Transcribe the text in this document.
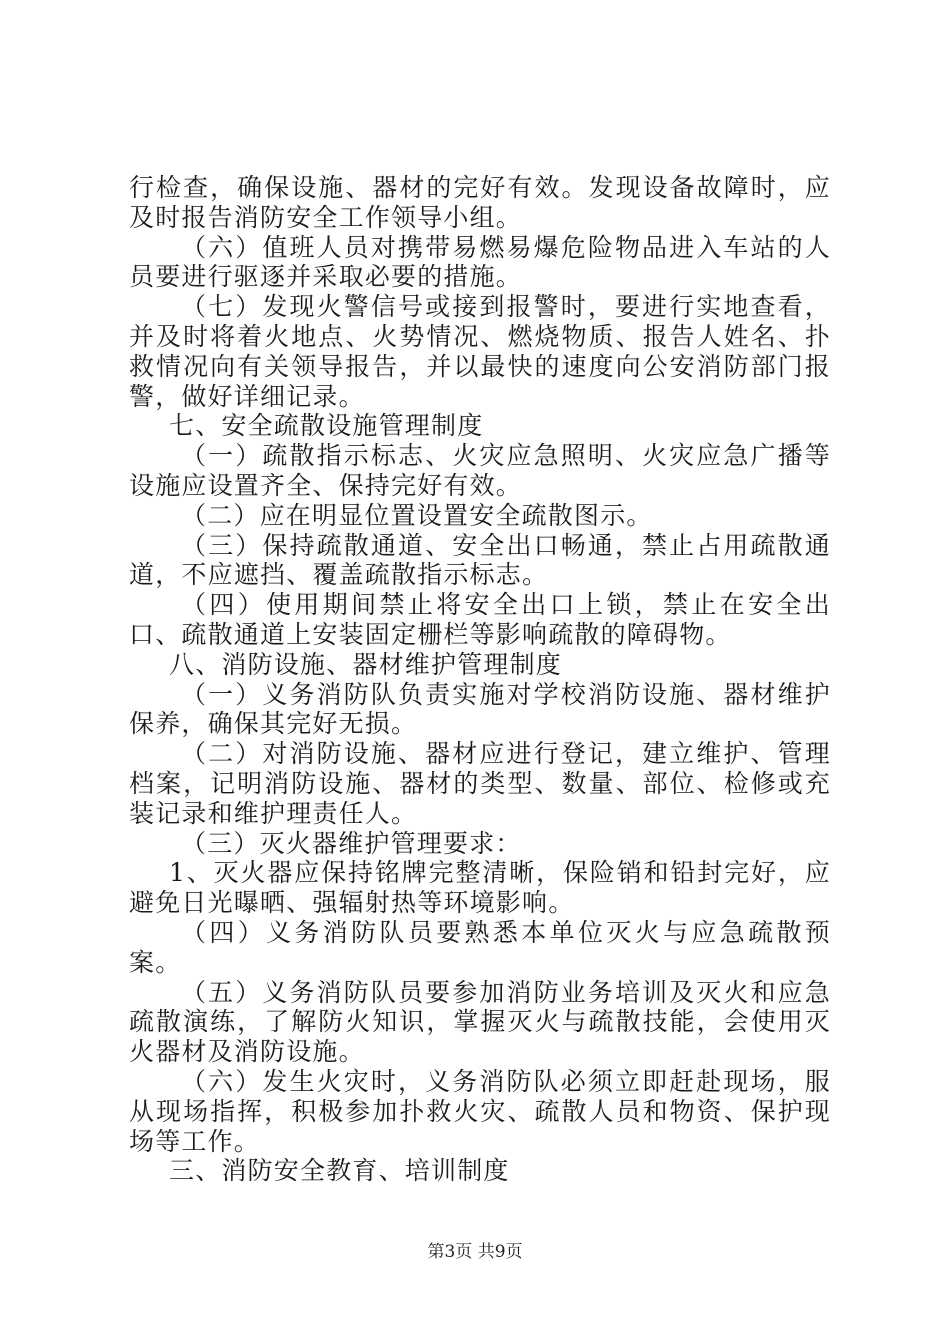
行检查，确保设施、器材的完好有效。发现设备故障时，应及时报告消防安全工作领导小组。

（六）值班人员对携带易燃易爆危险物品进入车站的人员要进行驱逐并采取必要的措施。

（七）发现火警信号或接到报警时，要进行实地查看，并及时将着火地点、火势情况、燃烧物质、报告人姓名、扑救情况向有关领导报告，并以最快的速度向公安消防部门报警，做好详细记录。

七、安全疏散设施管理制度

（一）疏散指示标志、火灾应急照明、火灾应急广播等设施应设置齐全、保持完好有效。

（二）应在明显位置设置安全疏散图示。

（三）保持疏散通道、安全出口畅通，禁止占用疏散通道，不应遮挡、覆盖疏散指示标志。

（四）使用期间禁止将安全出口上锁，禁止在安全出口、疏散通道上安装固定栅栏等影响疏散的障碍物。

八、消防设施、器材维护管理制度

（一）义务消防队负责实施对学校消防设施、器材维护保养，确保其完好无损。

（二）对消防设施、器材应进行登记，建立维护、管理档案，记明消防设施、器材的类型、数量、部位、检修或充装记录和维护理责任人。

（三）灭火器维护管理要求：

1、灭火器应保持铭牌完整清晰，保险销和铅封完好，应避免日光曝晒、强辐射热等环境影响。

（四）义务消防队员要熟悉本单位灭火与应急疏散预案。

（五）义务消防队员要参加消防业务培训及灭火和应急疏散演练，了解防火知识，掌握灭火与疏散技能，会使用灭火器材及消防设施。

（六）发生火灾时，义务消防队必须立即赶赴现场，服从现场指挥，积极参加扑救火灾、疏散人员和物资、保护现场等工作。

三、消防安全教育、培训制度

第3页 共9页
